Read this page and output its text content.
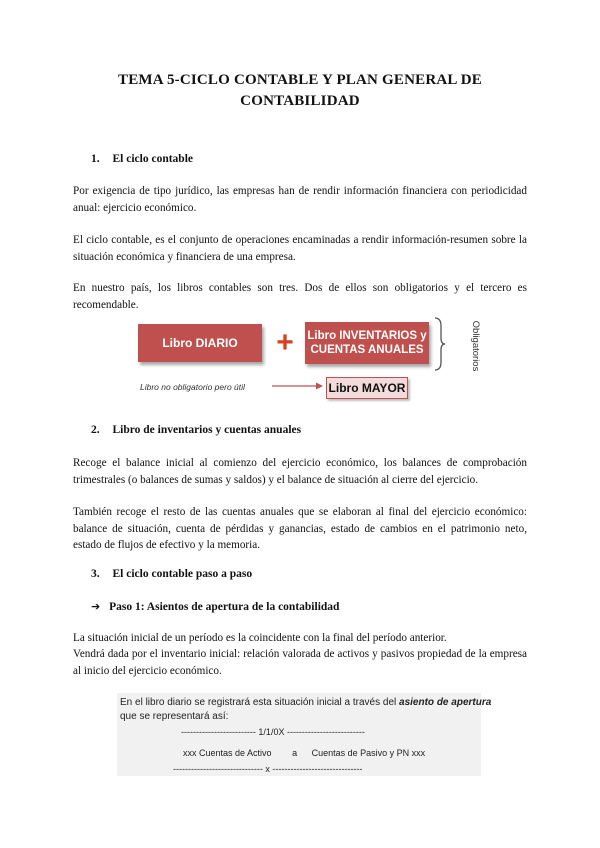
TEMA 5-CICLO CONTABLE Y PLAN GENERAL DE
CONTABILIDAD
1. El ciclo contable
Por exigencia de tipo jurídico, las empresas han de rendir información financiera con periodicidad anual: ejercicio económico.
El ciclo contable, es el conjunto de operaciones encaminadas a rendir información-resumen sobre la situación económica y financiera de una empresa.
En nuestro país, los libros contables son tres. Dos de ellos son obligatorios y el tercero es recomendable.
Libro DIARIO + Libro INVENTARIOS y
CUENTAS ANUALES	Obligatorios
Libro no obligatorio pero útil	Libro MAYOR
2. Libro de inventarios y cuentas anuales
Recoge el balance inicial al comienzo del ejercicio económico, los balances de comprobación trimestrales (o balances de sumas y saldos) y el balance de situación al cierre del ejercicio.
También recoge el resto de las cuentas anuales que se elaboran al final del ejercicio económico: balance de situación, cuenta de pérdidas y ganancias, estado de cambios en el patrimonio neto, estado de flujos de efectivo y la memoria.
3. El ciclo contable paso a paso
➔ Paso 1: Asientos de apertura de la contabilidad
La situación inicial de un período es la coincidente con la final del período anterior.
Vendrá dada por el inventario inicial: relación valorada de activos y pasivos propiedad de la empresa al inicio del ejercicio económico.
En el libro diario se registrará esta situación inicial a través del asiento de apertura
que se representará así:
------------------------- 1/1/0X --------------------------
xxx Cuentas de Activo a Cuentas de Pasivo y PN xxx
------------------------------ x ------------------------------
